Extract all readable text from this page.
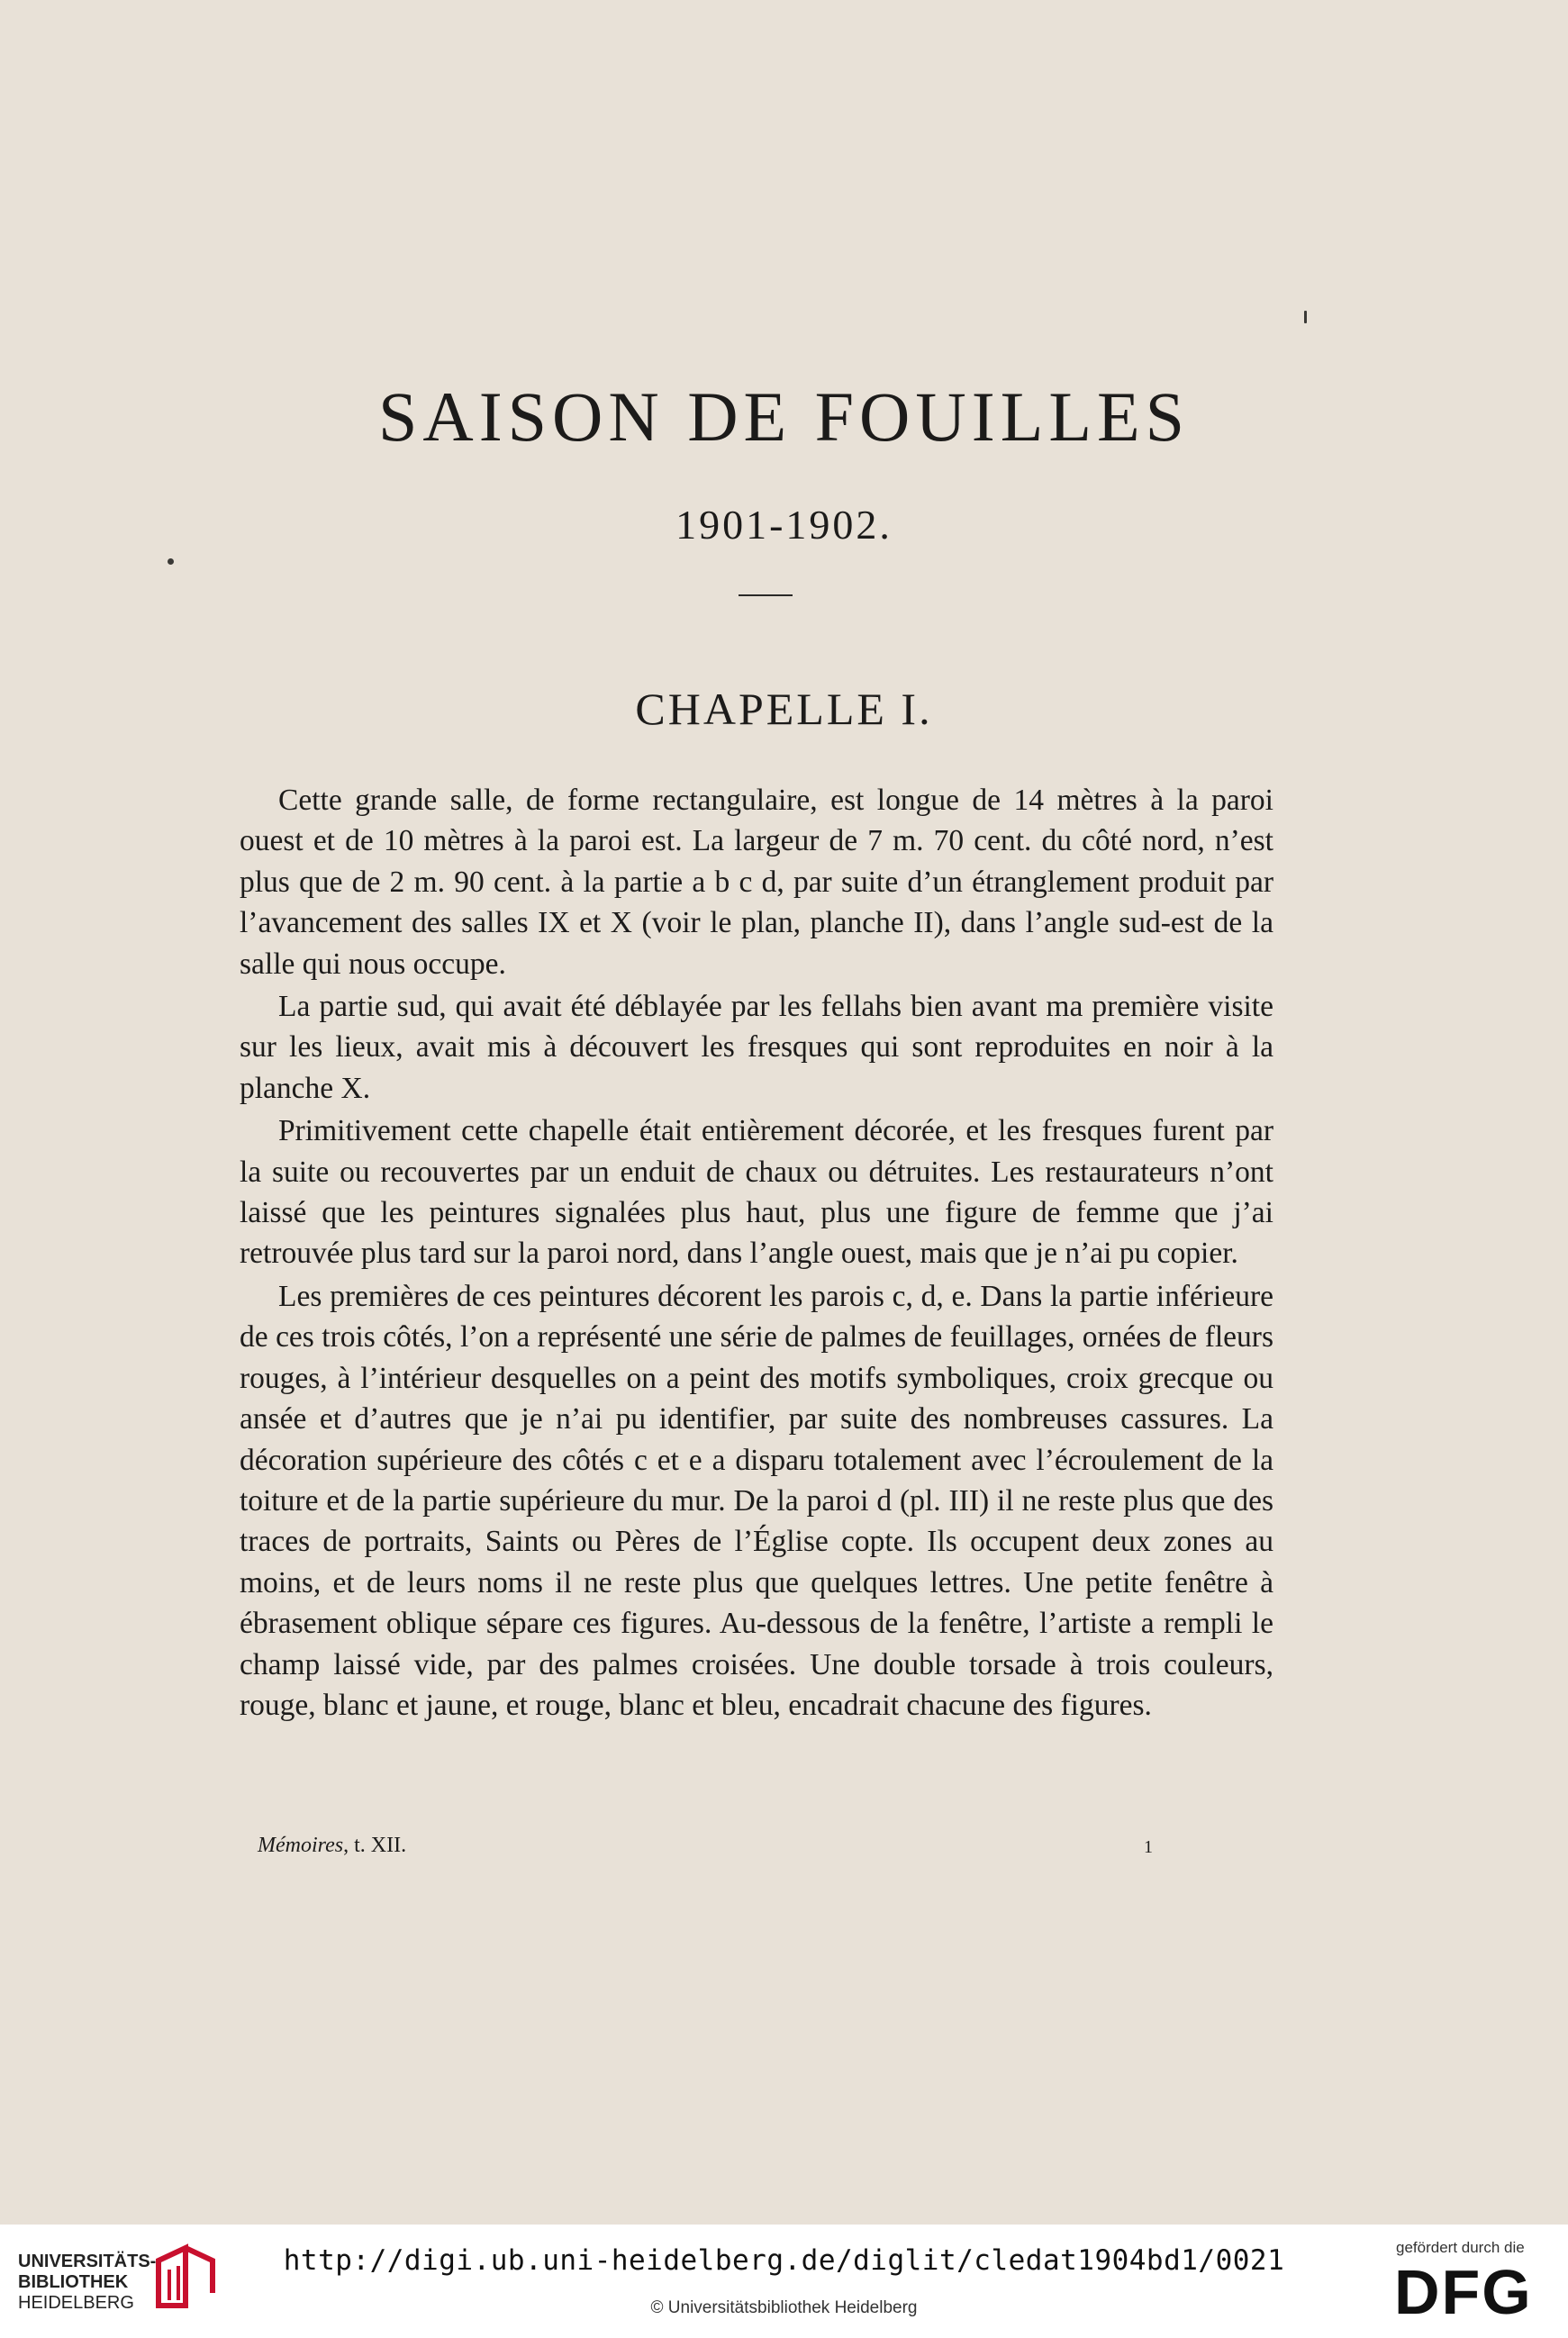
SAISON DE FOUILLES
1901-1902.
CHAPELLE I.

Cette grande salle, de forme rectangulaire, est longue de 14 mètres à la paroi ouest et de 10 mètres à la paroi est. La largeur de 7 m. 70 cent. du côté nord, n’est plus que de 2 m. 90 cent. à la partie a b c d, par suite d’un étranglement produit par l’avancement des salles IX et X (voir le plan, planche II), dans l’angle sud-est de la salle qui nous occupe.

La partie sud, qui avait été déblayée par les fellahs bien avant ma première visite sur les lieux, avait mis à découvert les fresques qui sont reproduites en noir à la planche X.

Primitivement cette chapelle était entièrement décorée, et les fresques furent par la suite ou recouvertes par un enduit de chaux ou détruites. Les restaurateurs n’ont laissé que les peintures signalées plus haut, plus une figure de femme que j’ai retrouvée plus tard sur la paroi nord, dans l’angle ouest, mais que je n’ai pu copier.

Les premières de ces peintures décorent les parois c, d, e. Dans la partie inférieure de ces trois côtés, l’on a représenté une série de palmes de feuillages, ornées de fleurs rouges, à l’intérieur desquelles on a peint des motifs symboliques, croix grecque ou ansée et d’autres que je n’ai pu identifier, par suite des nombreuses cassures. La décoration supérieure des côtés c et e a disparu totalement avec l’écroulement de la toiture et de la partie supérieure du mur. De la paroi d (pl. III) il ne reste plus que des traces de portraits, Saints ou Pères de l’Église copte. Ils occupent deux zones au moins, et de leurs noms il ne reste plus que quelques lettres. Une petite fenêtre à ébrasement oblique sépare ces figures. Au-dessous de la fenêtre, l’artiste a rempli le champ laissé vide, par des palmes croisées. Une double torsade à trois couleurs, rouge, blanc et jaune, et rouge, blanc et bleu, encadrait chacune des figures.

Mémoires, t. XII.	1
UNIVERSITÄTS-
BIBLIOTHEK
HEIDELBERG
http://digi.ub.uni-heidelberg.de/diglit/cledat1904bd1/0021
© Universitätsbibliothek Heidelberg
gefördert durch die
DFG
